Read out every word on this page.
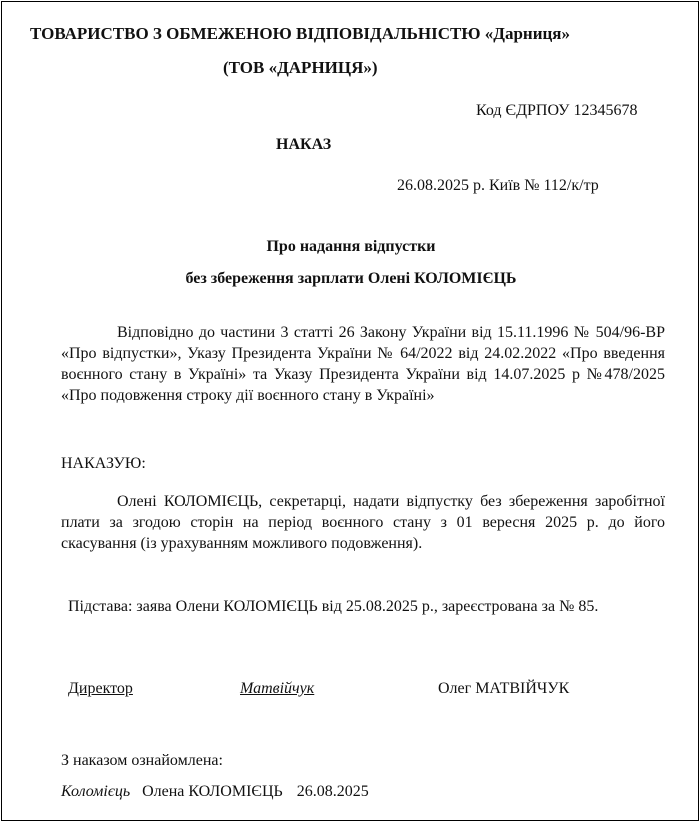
ТОВАРИСТВО З ОБМЕЖЕНОЮ ВІДПОВІДАЛЬНІСТЮ «Дарниця»
(ТОВ «ДАРНИЦЯ»)
Код ЄДРПОУ 12345678
НАКАЗ
26.08.2025 р. Київ № 112/к/тр
Про надання відпустки
без збереження зарплати Олені КОЛОМІЄЦЬ
Відповідно до частини 3 статті 26 Закону України від 15.11.1996 № 504/96-ВР «Про відпустки», Указу Президента України № 64/2022 від 24.02.2022 «Про введення воєнного стану в Україні» та Указу Президента України від 14.07.2025 р №478/2025 «Про подовження строку дії воєнного стану в Україні»
НАКАЗУЮ:
Олені КОЛОМІЄЦЬ, секретарці, надати відпустку без збереження заробітної плати за згодою сторін на період воєнного стану з 01 вересня 2025 р. до його скасування (із урахуванням можливого подовження).
Підстава: заява Олени КОЛОМІЄЦЬ від 25.08.2025 р., зареєстрована за № 85.
Директор	Матвійчук	Олег МАТВІЙЧУК
З наказом ознайомлена:
Коломієць Олена КОЛОМІЄЦЬ 26.08.2025
